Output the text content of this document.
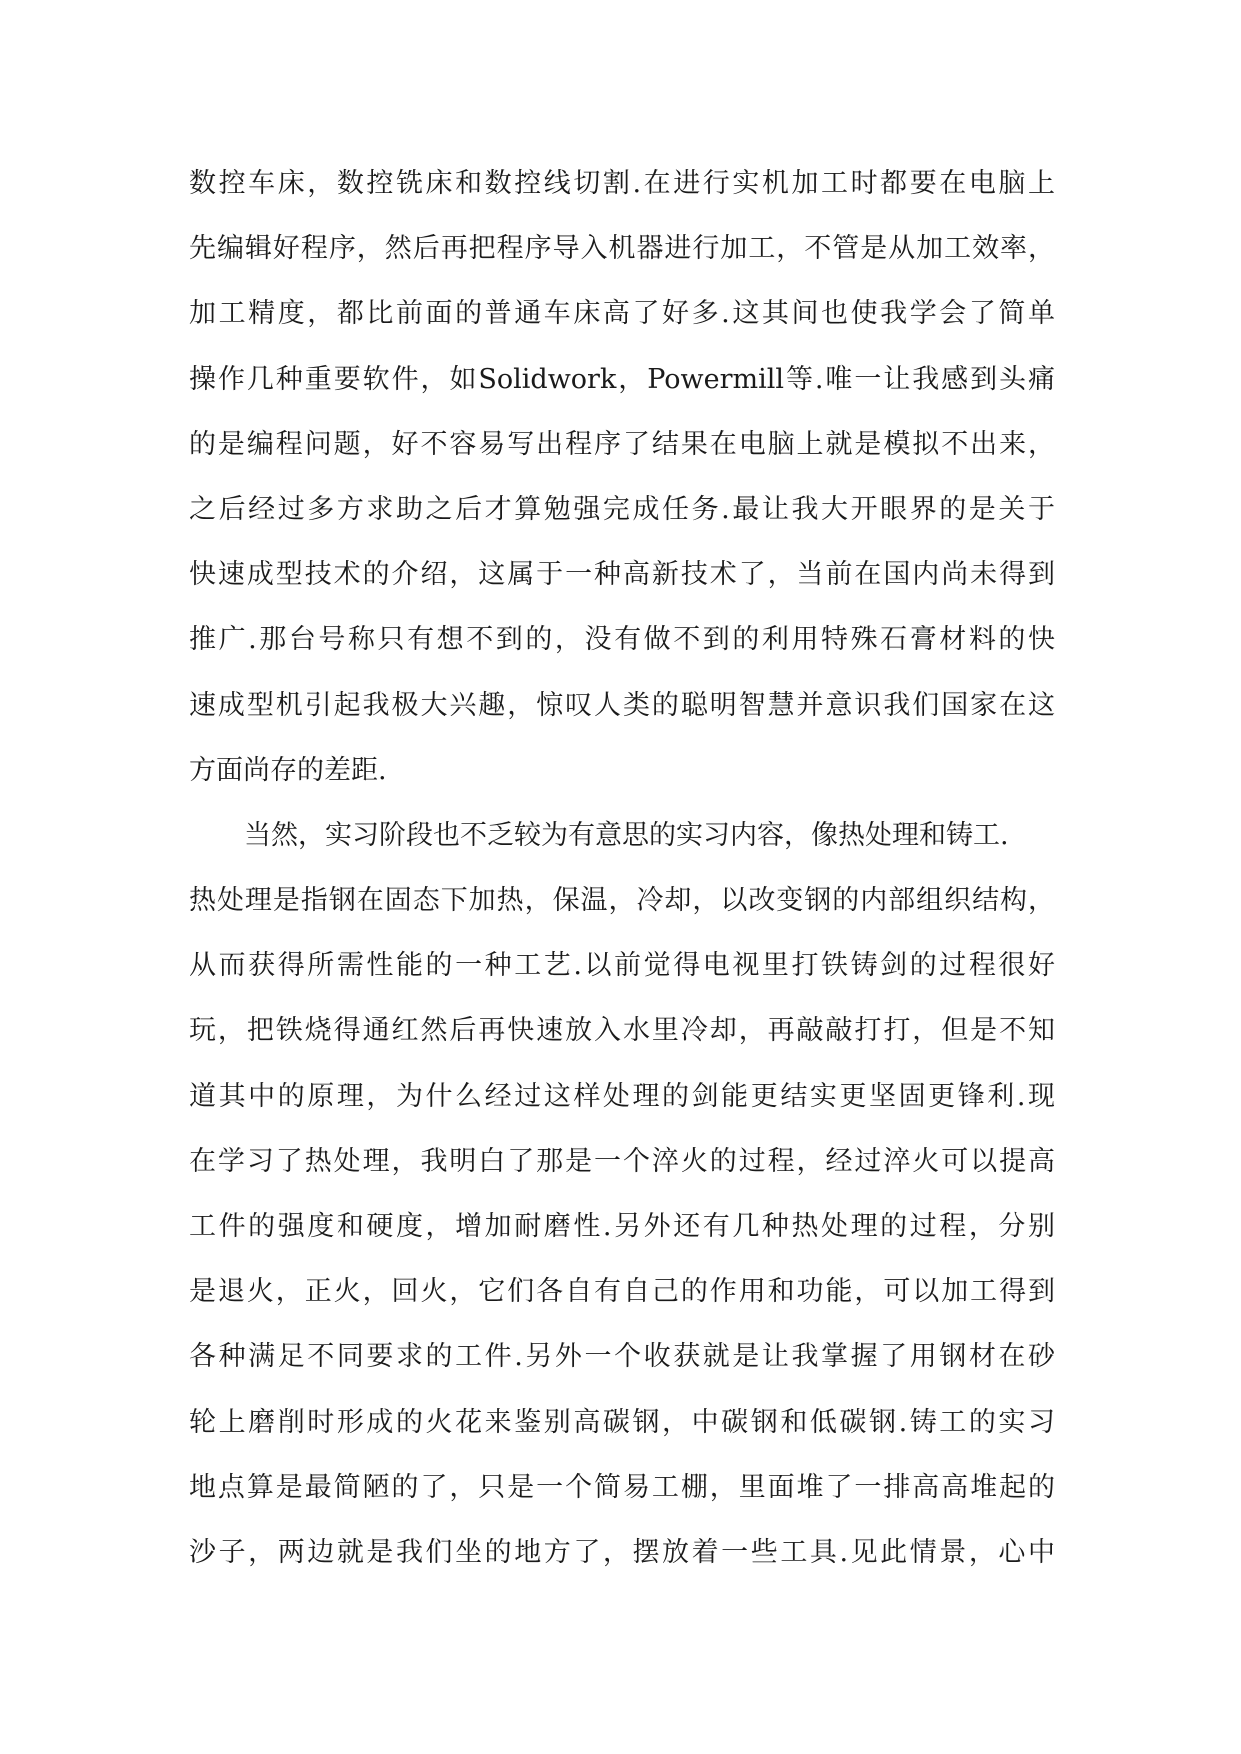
数控车床，数控铣床和数控线切割.在进行实机加工时都要在电脑上
先编辑好程序，然后再把程序导入机器进行加工，不管是从加工效率，
加工精度，都比前面的普通车床高了好多.这其间也使我学会了简单
操作几种重要软件，如Solidwork，Powermill等.唯一让我感到头痛
的是编程问题，好不容易写出程序了结果在电脑上就是模拟不出来，
之后经过多方求助之后才算勉强完成任务.最让我大开眼界的是关于
快速成型技术的介绍，这属于一种高新技术了，当前在国内尚未得到
推广.那台号称只有想不到的，没有做不到的利用特殊石膏材料的快
速成型机引起我极大兴趣，惊叹人类的聪明智慧并意识我们国家在这
方面尚存的差距.
当然，实习阶段也不乏较为有意思的实习内容，像热处理和铸工.
热处理是指钢在固态下加热，保温，冷却，以改变钢的内部组织结构，
从而获得所需性能的一种工艺.以前觉得电视里打铁铸剑的过程很好
玩，把铁烧得通红然后再快速放入水里冷却，再敲敲打打，但是不知
道其中的原理，为什么经过这样处理的剑能更结实更坚固更锋利.现
在学习了热处理，我明白了那是一个淬火的过程，经过淬火可以提高
工件的强度和硬度，增加耐磨性.另外还有几种热处理的过程，分别
是退火，正火，回火，它们各自有自己的作用和功能，可以加工得到
各种满足不同要求的工件.另外一个收获就是让我掌握了用钢材在砂
轮上磨削时形成的火花来鉴别高碳钢，中碳钢和低碳钢.铸工的实习
地点算是最简陋的了，只是一个简易工棚，里面堆了一排高高堆起的
沙子，两边就是我们坐的地方了，摆放着一些工具.见此情景，心中
